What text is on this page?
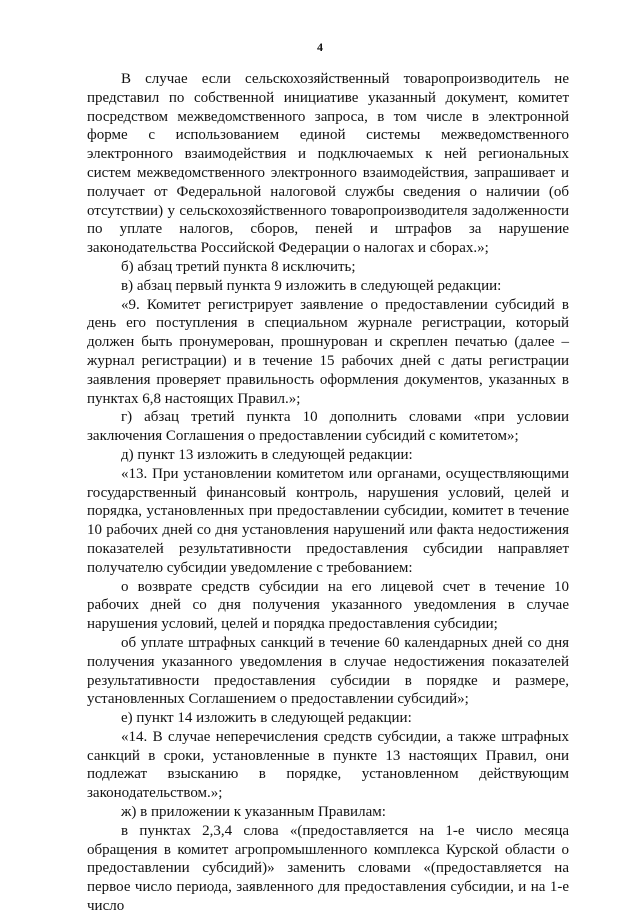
4

В случае если сельскохозяйственный товаропроизводитель не представил по собственной инициативе указанный документ, комитет посредством межведомственного запроса, в том числе в электронной форме с использованием единой системы межведомственного электронного взаимодействия и подключаемых к ней региональных систем межведомственного электронного взаимодействия, запрашивает и получает от Федеральной налоговой службы сведения о наличии (об отсутствии) у сельскохозяйственного товаропроизводителя задолженности по уплате налогов, сборов, пеней и штрафов за нарушение законодательства Российской Федерации о налогах и сборах.»;

б) абзац третий пункта 8 исключить;

в) абзац первый пункта 9 изложить в следующей редакции:

«9. Комитет регистрирует заявление о предоставлении субсидий в день его поступления в специальном журнале регистрации, который должен быть пронумерован, прошнурован и скреплен печатью (далее – журнал регистрации) и в течение 15 рабочих дней с даты регистрации заявления проверяет правильность оформления документов, указанных в пунктах 6,8 настоящих Правил.»;

г) абзац третий пункта 10 дополнить словами «при условии заключения Соглашения о предоставлении субсидий с комитетом»;

д) пункт 13 изложить в следующей редакции:

«13. При установлении комитетом или органами, осуществляющими государственный финансовый контроль, нарушения условий, целей и порядка, установленных при предоставлении субсидии, комитет в течение 10 рабочих дней со дня установления нарушений или факта недостижения показателей результативности предоставления субсидии направляет получателю субсидии уведомление с требованием:

о возврате средств субсидии на его лицевой счет в течение 10 рабочих дней со дня получения указанного уведомления в случае нарушения условий, целей и порядка предоставления субсидии;

об уплате штрафных санкций в течение 60 календарных дней со дня получения указанного уведомления в случае недостижения показателей результативности предоставления субсидии в порядке и размере, установленных Соглашением о предоставлении субсидий»;

е) пункт 14 изложить в следующей редакции:

«14. В случае неперечисления средств субсидии, а также штрафных санкций в сроки, установленные в пункте 13 настоящих Правил, они подлежат взысканию в порядке, установленном действующим законодательством.»;

ж) в приложении к указанным Правилам:

в пунктах 2,3,4 слова «(предоставляется на 1-е число месяца обращения в комитет агропромышленного комплекса Курской области о предоставлении субсидий)» заменить словами «(предоставляется на первое число периода, заявленного для предоставления субсидии, и на 1-е число
